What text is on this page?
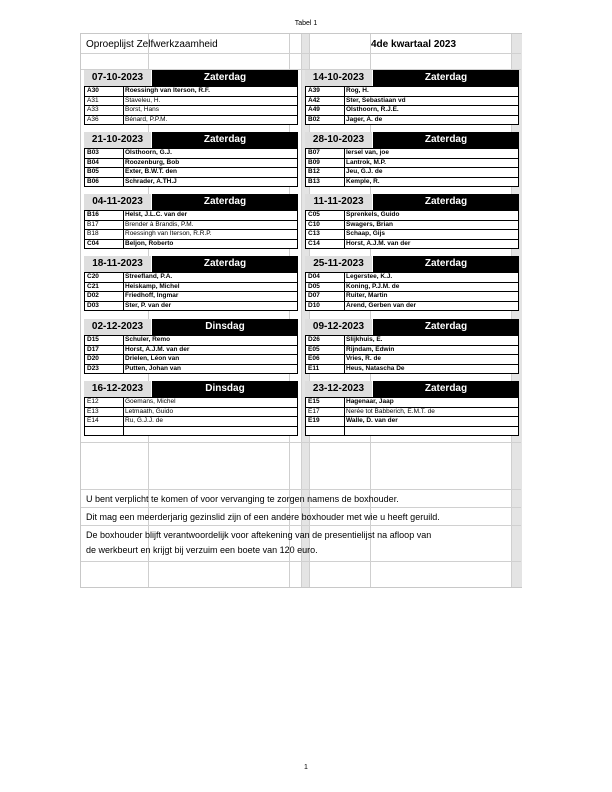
Tabel 1
Oproeplijst Zelfwerkzaamheid	4de kwartaal 2023
07-10-2023	Zaterdag
A30	Roessingh van Iterson, R.F.
A31	Staveleu, H.
A33	Borst, Hans
A36	Bénard, P.P.M.
14-10-2023	Zaterdag
A39	Rog, H.
A42	Ster, Sebastiaan vd
A49	Olsthoorn, R.J.E.
B02	Jager, A. de
21-10-2023	Zaterdag
B03	Olsthoorn, G.J.
B04	Roozenburg, Bob
B05	Exter, B.W.T. den
B06	Schrader, A.TH.J
28-10-2023	Zaterdag
B07	Iersel van, joe
B09	Lantrok, M.P.
B12	Jeu, G.J. de
B13	Kemple, R.
04-11-2023	Zaterdag
B16	Helst, J.L.C. van der
B17	Brender à Brandis, P.M.
B18	Roessingh van Iterson, R.R.P.
C04	Beljon, Roberto
11-11-2023	Zaterdag
C05	Sprenkels, Guido
C10	Swagers, Brian
C13	Schaap, Gijs
C14	Horst, A.J.M. van der
18-11-2023	Zaterdag
C20	Streefland, P.A.
C21	Heiskamp, Michel
D02	Friedhoff, Ingmar
D03	Ster, P. van der
25-11-2023	Zaterdag
D04	Legerstee, K.J.
D05	Koning, P.J.M. de
D07	Ruiter, Martin
D10	Arend, Gerben van der
02-12-2023	Dinsdag
D15	Schuler, Remo
D17	Horst, A.J.M. van der
D20	Drielen, Léon van
D23	Putten, Johan van
09-12-2023	Zaterdag
D26	Slijkhuis, E.
E05	Rijndam, Edwin
E06	Vries, R. de
E11	Heus, Natascha De
16-12-2023	Dinsdag
E12	Goemans, Michel
E13	Letmaath, Guido
E14	Ru, G.J.J. de
23-12-2023	Zaterdag
E15	Hagenaar, Jaap
E17	Nerée tot Babberich, E.M.T. de
E19	Walle, D. van der
U bent verplicht te komen of voor vervanging te zorgen namens de boxhouder.
Dit mag een meerderjarig gezinslid zijn of een andere boxhouder met wie u heeft geruild.
De boxhouder blijft verantwoordelijk voor aftekening van de presentielijst na afloop van
de werkbeurt en krijgt bij verzuim een boete van 120 euro.
1
